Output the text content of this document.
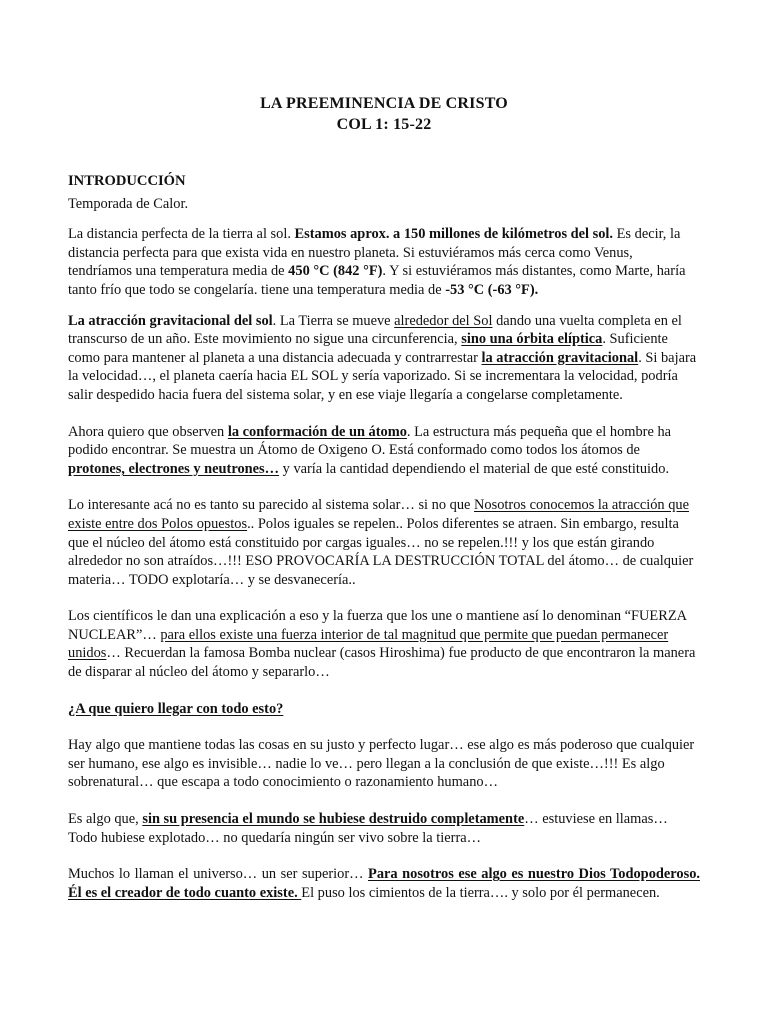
LA PREEMINENCIA DE CRISTO
COL 1: 15-22

INTRODUCCIÓN

Temporada de Calor.

La distancia perfecta de la tierra al sol. Estamos aprox. a 150 millones de kilómetros del sol. Es decir, la distancia perfecta para que exista vida en nuestro planeta. Si estuviéramos más cerca como Venus, tendríamos una temperatura media de 450 °C (842 °F). Y si estuviéramos más distantes, como Marte, haría tanto frío que todo se congelaría. tiene una temperatura media de -53 °C (-63 °F).

La atracción gravitacional del sol. La Tierra se mueve alrededor del Sol dando una vuelta completa en el transcurso de un año. Este movimiento no sigue una circunferencia, sino una órbita elíptica. Suficiente como para mantener al planeta a una distancia adecuada y contrarrestar la atracción gravitacional. Si bajara la velocidad…, el planeta caería hacia EL SOL y sería vaporizado. Si se incrementara la velocidad, podría salir despedido hacia fuera del sistema solar, y en ese viaje llegaría a congelarse completamente.

Ahora quiero que observen la conformación de un átomo. La estructura más pequeña que el hombre ha podido encontrar. Se muestra un Átomo de Oxigeno O. Está conformado como todos los átomos de protones, electrones y neutrones… y varía la cantidad dependiendo el material de que esté constituido.

Lo interesante acá no es tanto su parecido al sistema solar… si no que Nosotros conocemos la atracción que existe entre dos Polos opuestos.. Polos iguales se repelen.. Polos diferentes se atraen. Sin embargo, resulta que el núcleo del átomo está constituido por cargas iguales… no se repelen.!!! y los que están girando alrededor no son atraídos…!!! ESO PROVOCARÍA LA DESTRUCCIÓN TOTAL del átomo… de cualquier materia… TODO explotaría… y se desvanecería..

Los científicos le dan una explicación a eso y la fuerza que los une o mantiene así lo denominan “FUERZA NUCLEAR”… para ellos existe una fuerza interior de tal magnitud que permite que puedan permanecer unidos… Recuerdan la famosa Bomba nuclear (casos Hiroshima) fue producto de que encontraron la manera de disparar al núcleo del átomo y separarlo…

¿A que quiero llegar con todo esto?

Hay algo que mantiene todas las cosas en su justo y perfecto lugar… ese algo es más poderoso que cualquier ser humano, ese algo es invisible… nadie lo ve… pero llegan a la conclusión de que existe…!!! Es algo sobrenatural… que escapa a todo conocimiento o razonamiento humano…

Es algo que, sin su presencia el mundo se hubiese destruido completamente… estuviese en llamas… Todo hubiese explotado… no quedaría ningún ser vivo sobre la tierra…

Muchos lo llaman el universo… un ser superior… Para nosotros ese algo es nuestro Dios Todopoderoso. Él es el creador de todo cuanto existe. El puso los cimientos de la tierra…. y solo por él permanecen.
